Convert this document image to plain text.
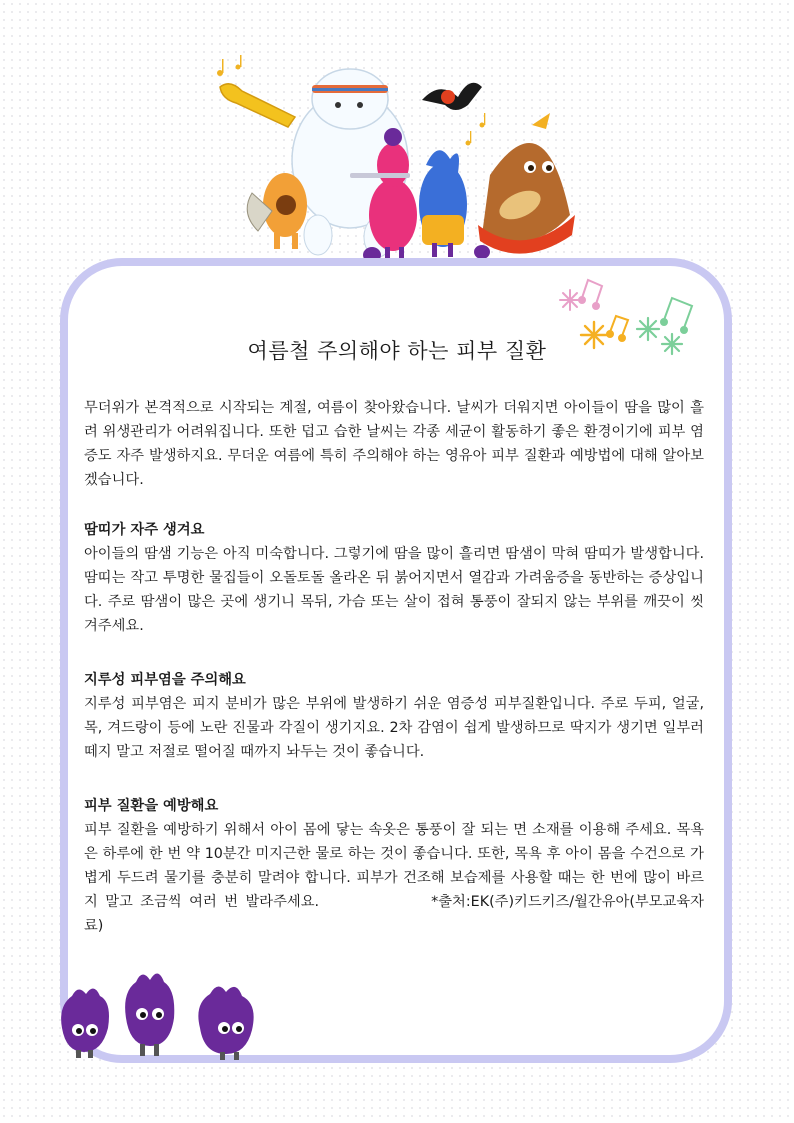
여름철 주의해야 하는 피부 질환

무더위가 본격적으로 시작되는 계절, 여름이 찾아왔습니다. 날씨가 더워지면 아이들이 땀을 많이 흘려 위생관리가 어려워집니다. 또한 덥고 습한 날씨는 각종 세균이 활동하기 좋은 환경이기에 피부 염증도 자주 발생하지요. 무더운 여름에 특히 주의해야 하는 영유아 피부 질환과 예방법에 대해 알아보겠습니다.

땀띠가 자주 생겨요

아이들의 땀샘 기능은 아직 미숙합니다. 그렇기에 땀을 많이 흘리면 땀샘이 막혀 땀띠가 발생합니다. 땀띠는 작고 투명한 물집들이 오돌토돌 올라온 뒤 붉어지면서 열감과 가려움증을 동반하는 증상입니다. 주로 땀샘이 많은 곳에 생기니 목뒤, 가슴 또는 살이 접혀 통풍이 잘되지 않는 부위를 깨끗이 씻겨주세요.

지루성 피부염을 주의해요

지루성 피부염은 피지 분비가 많은 부위에 발생하기 쉬운 염증성 피부질환입니다. 주로 두피, 얼굴, 목, 겨드랑이 등에 노란 진물과 각질이 생기지요. 2차 감염이 쉽게 발생하므로 딱지가 생기면 일부러 떼지 말고 저절로 떨어질 때까지 놔두는 것이 좋습니다.

피부 질환을 예방해요

피부 질환을 예방하기 위해서 아이 몸에 닿는 속옷은 통풍이 잘 되는 면 소재를 이용해 주세요. 목욕은 하루에 한 번 약 10분간 미지근한 물로 하는 것이 좋습니다. 또한, 목욕 후 아이 몸을 수건으로 가볍게 두드려 물기를 충분히 말려야 합니다. 피부가 건조해 보습제를 사용할 때는 한 번에 많이 바르지 말고 조금씩 여러 번 발라주세요.	*출처:EK(주)키드키즈/월간유아(부모교육자료)
